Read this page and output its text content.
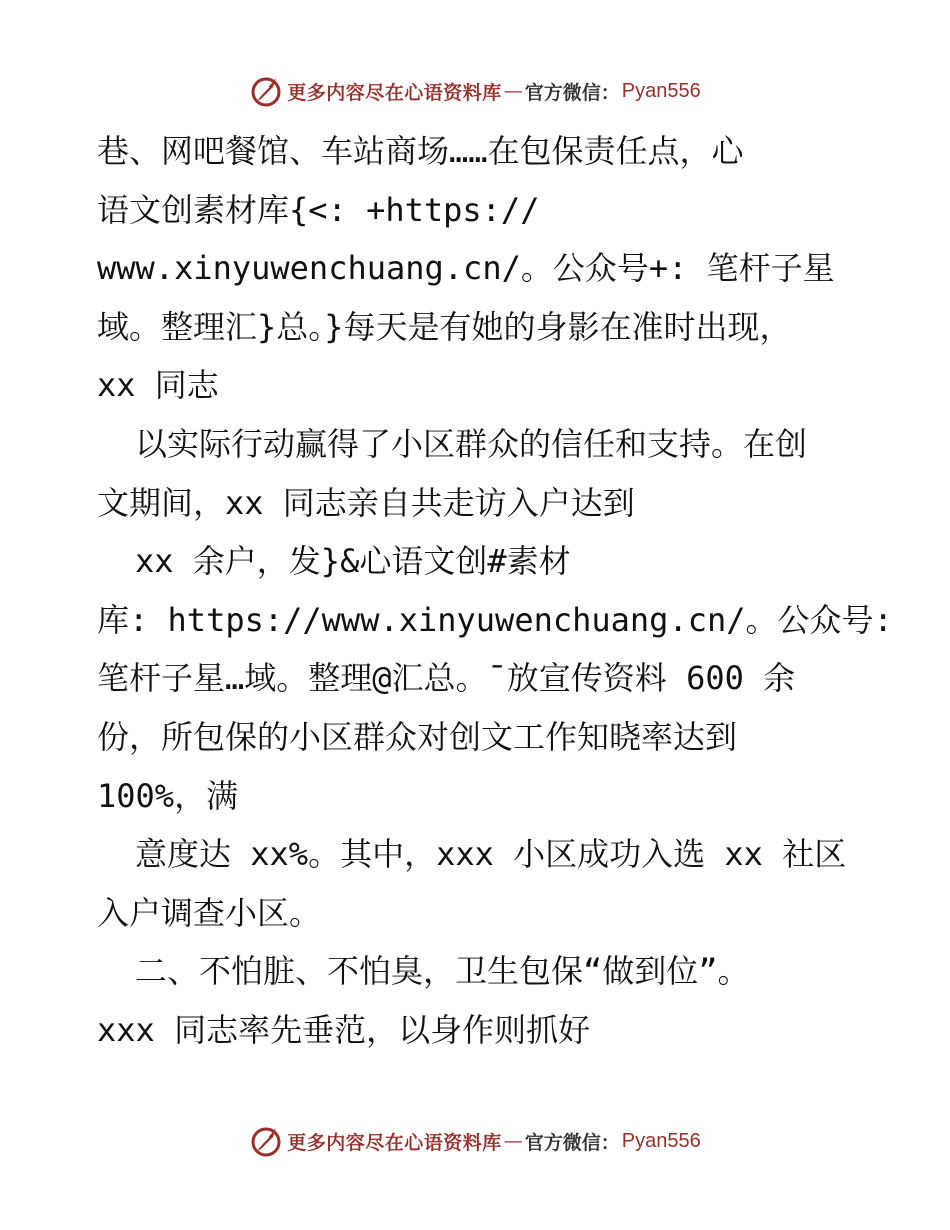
更多内容尽在心语资料库 — 官方微信： Pyan556
巷、网吧餐馆、车站商场……在包保责任点，心
语文创素材库{<: +https://
www.xinyuwenchuang.cn/。公众号+: 笔杆子星
域。整理汇}总。}每天是有她的身影在准时出现，
xx 同志
以实际行动赢得了小区群众的信任和支持。在创
文期间，xx 同志亲自共走访入户达到
xx 余户，发}&心语文创#素材
库: https://www.xinyuwenchuang.cn/。公众号:
笔杆子星…域。整理@汇总。¯放宣传资料 600 余
份，所包保的小区群众对创文工作知晓率达到
100%，满
意度达 xx%。其中，xxx 小区成功入选 xx 社区
入户调查小区。
二、不怕脏、不怕臭，卫生包保“做到位”。
xxx 同志率先垂范，以身作则抓好
更多内容尽在心语资料库 — 官方微信： Pyan556
